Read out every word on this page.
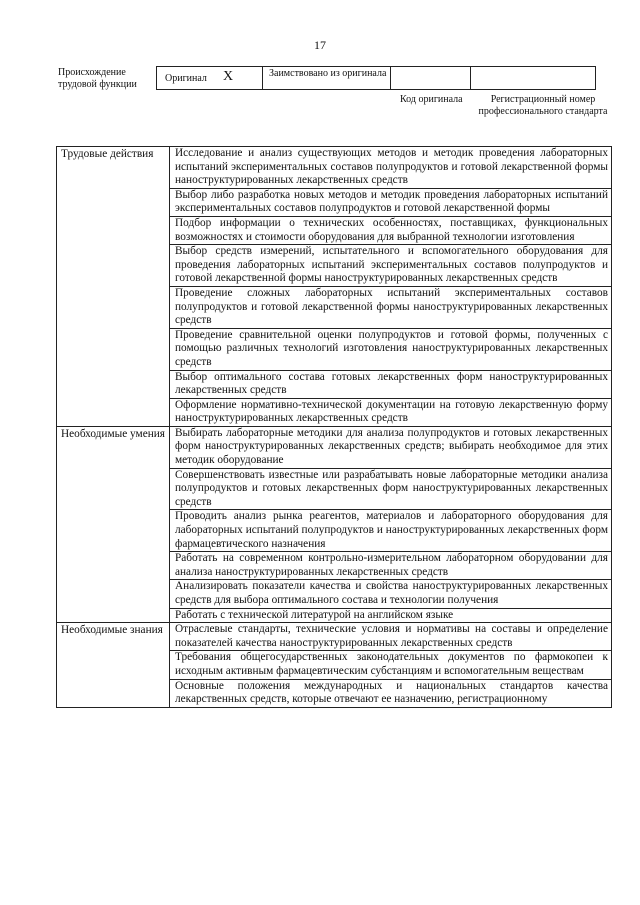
17
Происхождение трудовой функции
Оригинал X	Заимствовано из оригинала
Код оригинала	Регистрационный номер профессионального стандарта
Трудовые действия	Исследование и анализ существующих методов и методик проведения лабораторных испытаний экспериментальных составов полупродуктов и готовой лекарственной формы наноструктурированных лекарственных средств
	Выбор либо разработка новых методов и методик проведения лабораторных испытаний экспериментальных составов полупродуктов и готовой лекарственной формы
	Подбор информации о технических особенностях, поставщиках, функциональных возможностях и стоимости оборудования для выбранной технологии изготовления
	Выбор средств измерений, испытательного и вспомогательного оборудования для проведения лабораторных испытаний экспериментальных составов полупродуктов и готовой лекарственной формы наноструктурированных лекарственных средств
	Проведение сложных лабораторных испытаний экспериментальных составов полупродуктов и готовой лекарственной формы наноструктурированных лекарственных средств
	Проведение сравнительной оценки полупродуктов и готовой формы, полученных с помощью различных технологий изготовления наноструктурированных лекарственных средств
	Выбор оптимального состава готовых лекарственных форм наноструктурированных лекарственных средств
	Оформление нормативно-технической документации на готовую лекарственную форму наноструктурированных лекарственных средств
Необходимые умения	Выбирать лабораторные методики для анализа полупродуктов и готовых лекарственных форм наноструктурированных лекарственных средств; выбирать необходимое для этих методик оборудование
	Совершенствовать известные или разрабатывать новые лабораторные методики анализа полупродуктов и готовых лекарственных форм наноструктурированных лекарственных средств
	Проводить анализ рынка реагентов, материалов и лабораторного оборудования для лабораторных испытаний полупродуктов и наноструктурированных лекарственных форм фармацевтического назначения
	Работать на современном контрольно-измерительном лабораторном оборудовании для анализа наноструктурированных лекарственных средств
	Анализировать показатели качества и свойства наноструктурированных лекарственных средств для выбора оптимального состава и технологии получения
	Работать с технической литературой на английском языке
Необходимые знания	Отраслевые стандарты, технические условия и нормативы на составы и определение показателей качества наноструктурированных лекарственных средств
	Требования общегосударственных законодательных документов по фармокопеи к исходным активным фармацевтическим субстанциям и вспомогательным веществам
	Основные положения международных и национальных стандартов качества лекарственных средств, которые отвечают ее назначению, регистрационному
